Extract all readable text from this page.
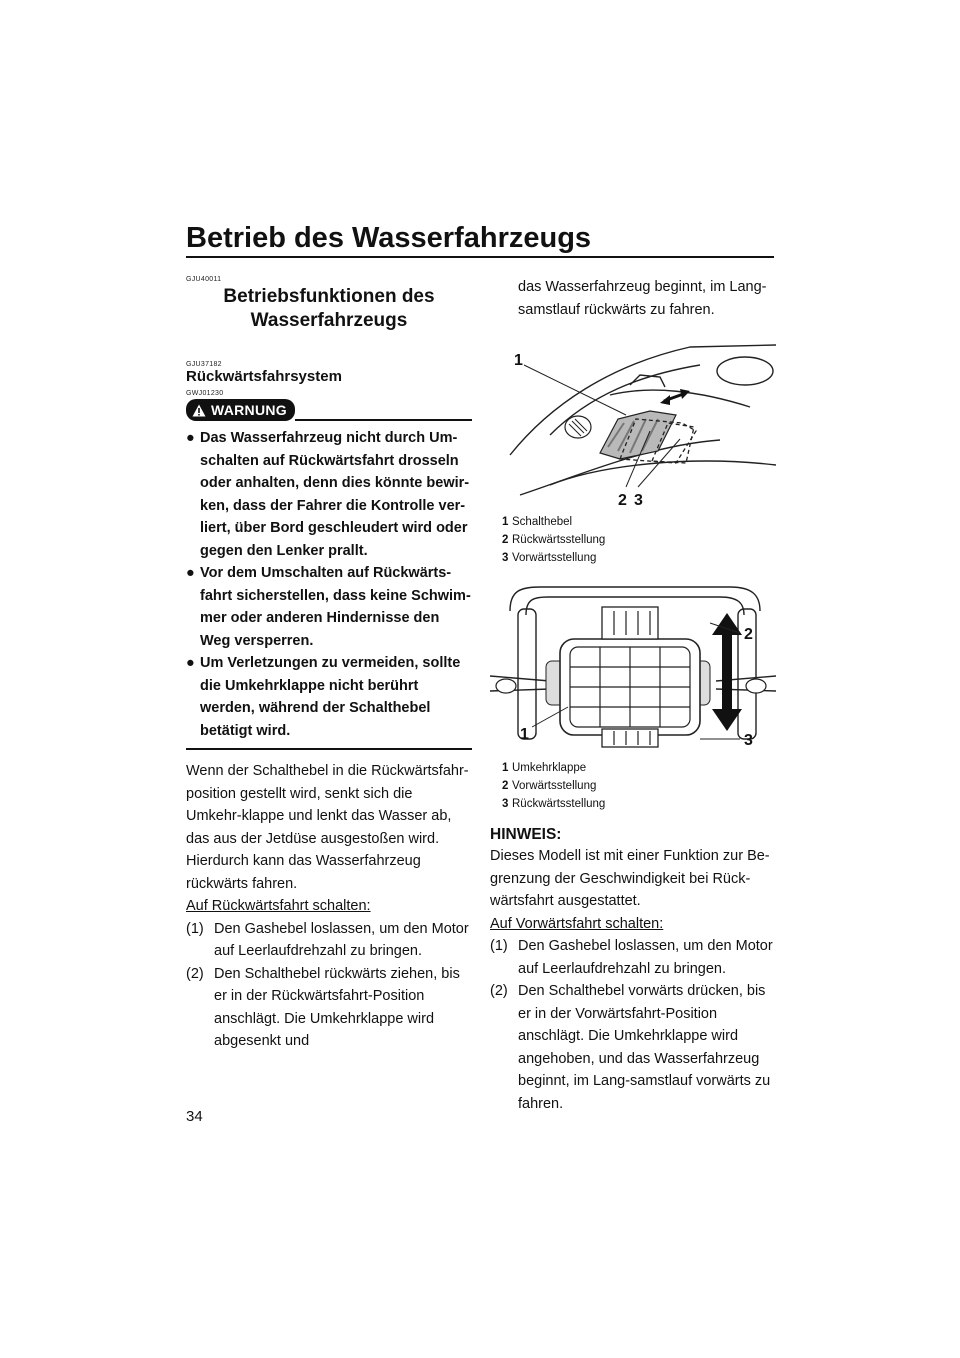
Betrieb des Wasserfahrzeugs
GJU40011
Betriebsfunktionen des
Wasserfahrzeugs
GJU37182
Rückwärtsfahrsystem
GWJ01230
WARNUNG
● Das Wasserfahrzeug nicht durch Um-schalten auf Rückwärtsfahrt drosseln oder anhalten, denn dies könnte bewir-ken, dass der Fahrer die Kontrolle ver-liert, über Bord geschleudert wird oder gegen den Lenker prallt.
● Vor dem Umschalten auf Rückwärts-fahrt sicherstellen, dass keine Schwim-mer oder anderen Hindernisse den Weg versperren.
● Um Verletzungen zu vermeiden, sollte die Umkehrklappe nicht berührt werden, während der Schalthebel betätigt wird.

Wenn der Schalthebel in die Rückwärtsfahr-position gestellt wird, senkt sich die Umkehr-klappe und lenkt das Wasser ab, das aus der Jetdüse ausgestoßen wird. Hierdurch kann das Wasserfahrzeug rückwärts fahren.

Auf Rückwärtsfahrt schalten:

(1) Den Gashebel loslassen, um den Motor auf Leerlaufdrehzahl zu bringen.
(2) Den Schalthebel rückwärts ziehen, bis er in der Rückwärtsfahrt-Position anschlägt. Die Umkehrklappe wird abgesenkt und

das Wasserfahrzeug beginnt, im Lang-samstlauf rückwärts zu fahren.

1
2 3
1 Schalthebel
2 Rückwärtsstellung
3 Vorwärtsstellung
2
3
1
1 Umkehrklappe
2 Vorwärtsstellung
3 Rückwärtsstellung
HINWEIS:

Dieses Modell ist mit einer Funktion zur Be-grenzung der Geschwindigkeit bei Rück-wärtsfahrt ausgestattet.

Auf Vorwärtsfahrt schalten:

(1) Den Gashebel loslassen, um den Motor auf Leerlaufdrehzahl zu bringen.
(2) Den Schalthebel vorwärts drücken, bis er in der Vorwärtsfahrt-Position anschlägt. Die Umkehrklappe wird angehoben, und das Wasserfahrzeug beginnt, im Lang-samstlauf vorwärts zu fahren.
34
